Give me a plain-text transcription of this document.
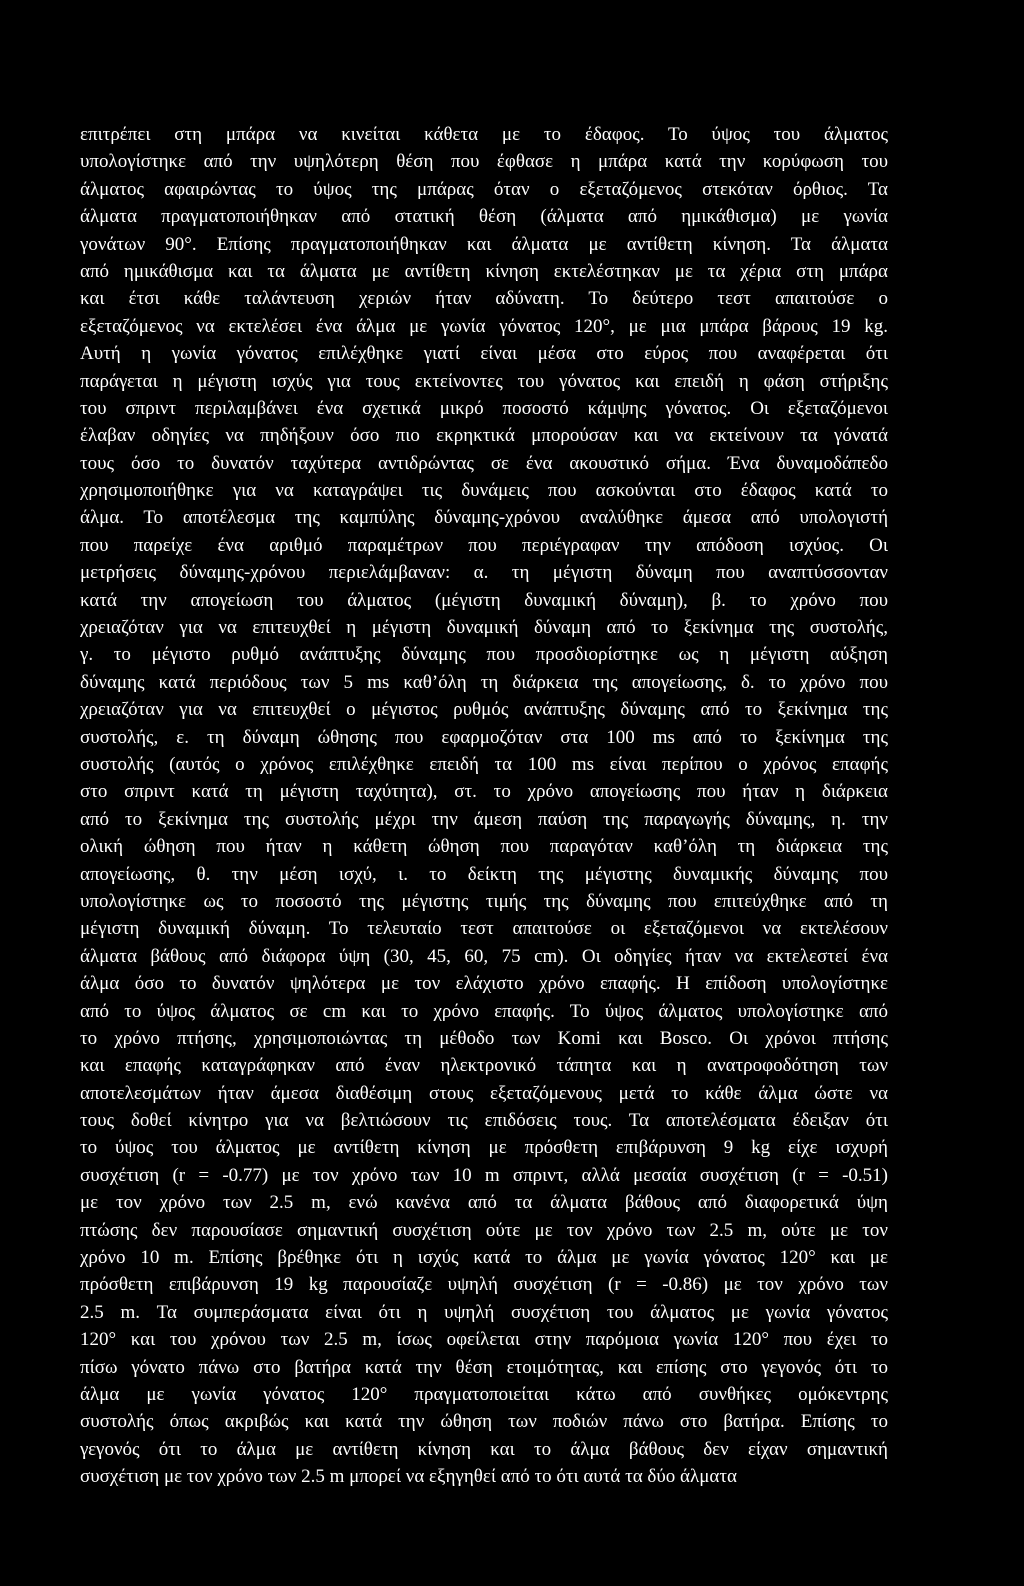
επιτρέπει στη μπάρα να κινείται κάθετα με το έδαφος. Το ύψος του άλματος
υπολογίστηκε από την υψηλότερη θέση που έφθασε η μπάρα κατά την κορύφωση του
άλματος αφαιρώντας το ύψος της μπάρας όταν ο εξεταζόμενος στεκόταν όρθιος. Τα
άλματα πραγματοποιήθηκαν από στατική θέση (άλματα από ημικάθισμα) με γωνία
γονάτων 90°. Επίσης πραγματοποιήθηκαν και άλματα με αντίθετη κίνηση. Τα άλματα
από ημικάθισμα και τα άλματα με αντίθετη κίνηση εκτελέστηκαν με τα χέρια στη μπάρα
και έτσι κάθε ταλάντευση χεριών ήταν αδύνατη. Το δεύτερο τεστ απαιτούσε ο
εξεταζόμενος να εκτελέσει ένα άλμα με γωνία γόνατος 120°, με μια μπάρα βάρους 19 kg.
Αυτή η γωνία γόνατος επιλέχθηκε γιατί είναι μέσα στο εύρος που αναφέρεται ότι
παράγεται η μέγιστη ισχύς για τους εκτείνοντες του γόνατος και επειδή η φάση στήριξης
του σπριντ περιλαμβάνει ένα σχετικά μικρό ποσοστό κάμψης γόνατος. Οι εξεταζόμενοι
έλαβαν οδηγίες να πηδήξουν όσο πιο εκρηκτικά μπορούσαν και να εκτείνουν τα γόνατά
τους όσο το δυνατόν ταχύτερα αντιδρώντας σε ένα ακουστικό σήμα. Ένα δυναμοδάπεδο
χρησιμοποιήθηκε για να καταγράψει τις δυνάμεις που ασκούνται στο έδαφος κατά το
άλμα. Το αποτέλεσμα της καμπύλης δύναμης-χρόνου αναλύθηκε άμεσα από υπολογιστή
που παρείχε ένα αριθμό παραμέτρων που περιέγραφαν την απόδοση ισχύος. Οι
μετρήσεις δύναμης-χρόνου περιελάμβαναν: α. τη μέγιστη δύναμη που αναπτύσσονταν
κατά την απογείωση του άλματος (μέγιστη δυναμική δύναμη), β. το χρόνο που
χρειαζόταν για να επιτευχθεί η μέγιστη δυναμική δύναμη από το ξεκίνημα της συστολής,
γ. το μέγιστο ρυθμό ανάπτυξης δύναμης που προσδιορίστηκε ως η μέγιστη αύξηση
δύναμης κατά περιόδους των 5 ms καθ’όλη τη διάρκεια της απογείωσης, δ. το χρόνο που
χρειαζόταν για να επιτευχθεί ο μέγιστος ρυθμός ανάπτυξης δύναμης από το ξεκίνημα της
συστολής, ε. τη δύναμη ώθησης που εφαρμοζόταν στα 100 ms από το ξεκίνημα της
συστολής (αυτός ο χρόνος επιλέχθηκε επειδή τα 100 ms είναι περίπου ο χρόνος επαφής
στο σπριντ κατά τη μέγιστη ταχύτητα), στ. το χρόνο απογείωσης που ήταν η διάρκεια
από το ξεκίνημα της συστολής μέχρι την άμεση παύση της παραγωγής δύναμης, η. την
ολική ώθηση που ήταν η κάθετη ώθηση που παραγόταν καθ’όλη τη διάρκεια της
απογείωσης, θ. την μέση ισχύ, ι. το δείκτη της μέγιστης δυναμικής δύναμης που
υπολογίστηκε ως το ποσοστό της μέγιστης τιμής της δύναμης που επιτεύχθηκε από τη
μέγιστη δυναμική δύναμη. Το τελευταίο τεστ απαιτούσε οι εξεταζόμενοι να εκτελέσουν
άλματα βάθους από διάφορα ύψη (30, 45, 60, 75 cm). Οι οδηγίες ήταν να εκτελεστεί ένα
άλμα όσο το δυνατόν ψηλότερα με τον ελάχιστο χρόνο επαφής. Η επίδοση υπολογίστηκε
από το ύψος άλματος σε cm και το χρόνο επαφής. Το ύψος άλματος υπολογίστηκε από
το χρόνο πτήσης, χρησιμοποιώντας τη μέθοδο των Komi και Bosco. Οι χρόνοι πτήσης
και επαφής καταγράφηκαν από έναν ηλεκτρονικό τάπητα και η ανατροφοδότηση των
αποτελεσμάτων ήταν άμεσα διαθέσιμη στους εξεταζόμενους μετά το κάθε άλμα ώστε να
τους δοθεί κίνητρο για να βελτιώσουν τις επιδόσεις τους. Τα αποτελέσματα έδειξαν ότι
το ύψος του άλματος με αντίθετη κίνηση με πρόσθετη επιβάρυνση 9 kg είχε ισχυρή
συσχέτιση (r = -0.77) με τον χρόνο των 10 m σπριντ, αλλά μεσαία συσχέτιση (r = -0.51)
με τον χρόνο των 2.5 m, ενώ κανένα από τα άλματα βάθους από διαφορετικά ύψη
πτώσης δεν παρουσίασε σημαντική συσχέτιση ούτε με τον χρόνο των 2.5 m, ούτε με τον
χρόνο 10 m. Επίσης βρέθηκε ότι η ισχύς κατά το άλμα με γωνία γόνατος 120° και με
πρόσθετη επιβάρυνση 19 kg παρουσίαζε υψηλή συσχέτιση (r = -0.86) με τον χρόνο των
2.5 m. Τα συμπεράσματα είναι ότι η υψηλή συσχέτιση του άλματος με γωνία γόνατος
120° και του χρόνου των 2.5 m, ίσως οφείλεται στην παρόμοια γωνία 120° που έχει το
πίσω γόνατο πάνω στο βατήρα κατά την θέση ετοιμότητας, και επίσης στο γεγονός ότι το
άλμα με γωνία γόνατος 120° πραγματοποιείται κάτω από συνθήκες ομόκεντρης
συστολής όπως ακριβώς και κατά την ώθηση των ποδιών πάνω στο βατήρα. Επίσης το
γεγονός ότι το άλμα με αντίθετη κίνηση και το άλμα βάθους δεν είχαν σημαντική
συσχέτιση με τον χρόνο των 2.5 m μπορεί να εξηγηθεί από το ότι αυτά τα δύο άλματα
